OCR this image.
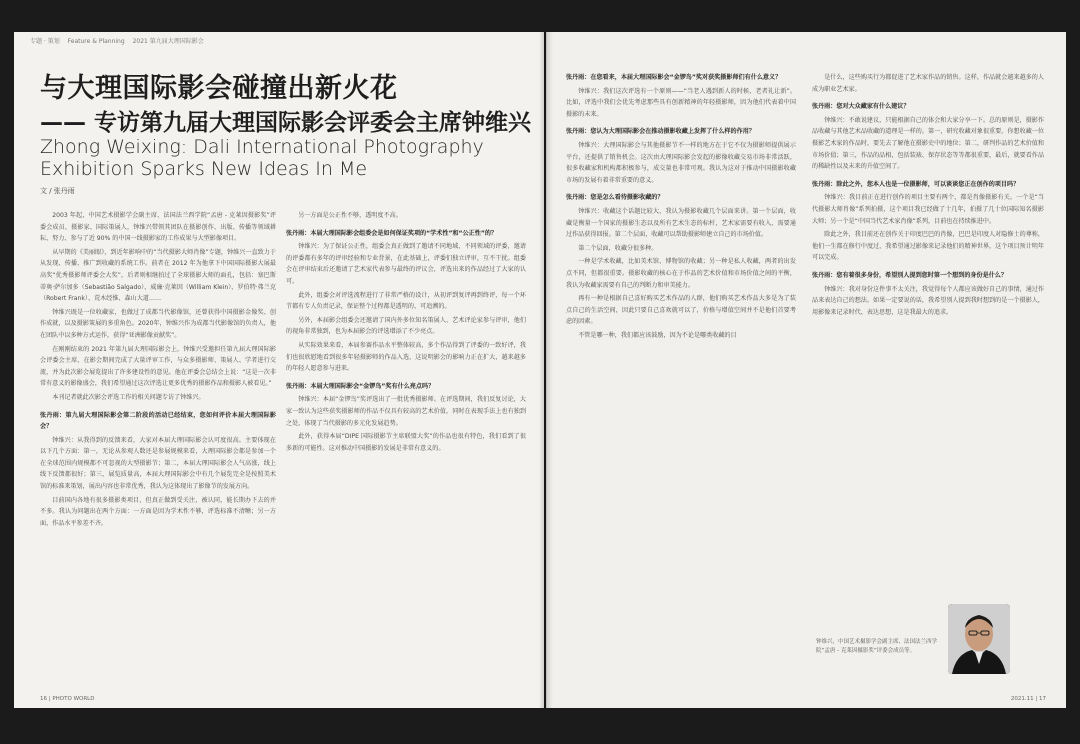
专题 · 策划 Feature & Planning 2021 第九届大理国际影会
与大理国际影会碰撞出新火花
—— 专访第九届大理国际影会评委会主席钟维兴
Zhong Weixing: Dali International Photography Exhibition Sparks New Ideas In Me
文 / 张丹雨

2003 年起，中国艺术摄影学会副主席、法国法兰西学院“孟唐 - 克莱因摄影奖”评委会成员、摄影家、国际策展人，钟维兴带领其团队在摄影创作、出版、传播等领域耕耘、努力、参与了近 90% 的中国一线摄影家的工作成果与大型影像项目。

从早期的《美丽眼》，到近年影响中的“当代摄影大师肖像”专题，钟维兴一直致力于从发现、传播、推广到收藏的系统工作。前者在 2012 年为他拿下中国国际摄影大展最高奖“优秀摄影师评委会大奖”，后者则相继拍过了全球摄影大师的面孔，包括：塞巴斯蒂奥·萨尔加多（Sebastião Salgado）、威廉·克莱因（William Klein）、罗伯特·弗兰克（Robert Frank）、荒木经惟、森山大道……

钟维兴既是一位收藏家，也做过了成都当代影像馆，还曾获得中国摄影金像奖、创作成就，以及摄影策展的多重角色。2020年，钟维兴作为成都当代影像馆的负责人，他在团队中以多种方式运作，获得“亚洲影像贡献奖”。

在刚刚结束的 2021 年第九届大理国际影会上，钟维兴受邀担任第九届大理国际影会评委会主席，在影会期间完成了大量评审工作，与众多摄影师、策展人、学者进行交流，并为此次影会展览提出了许多建设性的意见。他在评委会总结会上说：“这是一次非常有意义的影像盛会，我们希望通过这次评选让更多优秀的摄影作品和摄影人被看见。”

本刊记者就此次影会评选工作的相关问题专访了钟维兴。

张丹雨：第九届大理国际影会第二阶段的活动已经结束，您如何评价本届大理国际影会？

钟维兴：从我得到的反馈来看，大家对本届大理国际影会认可度很高。主要体现在以下几个方面：第一，无论从参观人数还是参展规模来看，大理国际影会都是参加一个在全球范围内规模都不可忽视的大型摄影节；第二，本届大理国际影会人气高涨，线上线下反馈都很好；第三，展览质量高，本届大理国际影会中有几个展览完全是按照美术馆的标准来策划，展出内容也非常优秀，我认为这体现出了影像节的发展方向。

目前国内各地有很多摄影类项目，但真正做到受关注，被认同，能长期办下去的并不多。我认为问题出在两个方面：一方面是因为学术性不够，评选标准不清晰；另一方面，作品水平参差不齐。

另一方面是公正性不够，透明度不高。

张丹雨：本届大理国际影会组委会是如何保证奖项的“学术性”和“公正性”的？

钟维兴：为了保证公正性，组委会真正做到了邀请不同地域、不同领域的评委，邀请的评委都有多年的评审经验和专业背景，在此基础上，评委们独立评审，互不干扰。组委会在评审结束后还邀请了艺术家代表参与最终的评议会，评选出来的作品经过了大家的认可。

此外，组委会对评选流程进行了非常严格的设计，从初评到复评再到终评，每一个环节都有专人负责记录，保证整个过程都是透明的、可追溯的。

另外，本届影会组委会还邀请了国内外多位知名策展人、艺术评论家参与评审，他们的视角非常独到，也为本届影会的评选增添了不少亮点。

从实际效果来看，本届参赛作品水平整体较高，多个作品得到了评委的一致好评，我们也很欣慰地看到很多年轻摄影师的作品入选，这说明影会的影响力正在扩大，越来越多的年轻人愿意参与进来。

张丹雨：本届大理国际影会“金锣鸟”奖有什么亮点吗？

钟维兴：本届“金锣鸟”奖评选出了一批优秀摄影师。在评选期间，我们反复讨论，大家一致认为这些获奖摄影师的作品不仅具有较高的艺术价值，同时在表现手法上也有独到之处，体现了当代摄影的多元化发展趋势。

此外，获得本届“DIPE 国际摄影节主席联盟大奖”的作品也很有特色，我们看到了很多新的可能性。这对推动中国摄影的发展是非常有意义的。

16 | PHOTO WORLD

张丹雨：在您看来，本届大理国际影会“金锣鸟”奖对获奖摄影师们有什么意义？

钟维兴：我们这次评选有一个原则——“当老人遇到新人的时候，老者礼让新”。比如，评选中我们会优先考虑那些具有创新精神的年轻摄影师，因为他们代表着中国摄影的未来。

张丹雨：您认为大理国际影会在推动摄影收藏上发挥了什么样的作用？

钟维兴：大理国际影会与其他摄影节不一样的地方在于它不仅为摄影师提供展示平台，还提供了销售机会。这次由大理国际影会发起的影像收藏交易市场非常活跃，很多收藏家和机构都积极参与，成交量也非常可观。我认为这对于推动中国摄影收藏市场的发展有着非常重要的意义。

张丹雨：您是怎么看待摄影收藏的？

钟维兴：收藏这个话题比较大，我认为摄影收藏几个层面来讲。第一个层面，收藏是衡量一个国家的摄影生态以及所有艺术生态的标杆，艺术家需要有收入，需要通过作品获得回报。第二个层面，收藏可以帮助摄影师建立自己的市场价值。

第二个层面，收藏分很多种。

一种是学术收藏，比如美术馆、博物馆的收藏；另一种是私人收藏，两者的出发点不同，但都很重要。摄影收藏的核心在于作品的艺术价值和市场价值之间的平衡，我认为收藏家需要有自己的判断力和审美能力。

再有一种是根据自己喜好购买艺术作品的人群，他们购买艺术作品大多是为了装点自己的生活空间，因此只要自己喜欢就可以了，价格与增值空间并不是他们首要考虑的因素。

不管是哪一种，我们都应该鼓励，因为不论是哪类收藏的目

是什么，这些购买行为都促进了艺术家作品的销售。这样，作品就会越来越多的人成为职业艺术家。

张丹雨：您对大众藏家有什么建议？

钟维兴：不敢说建议，只能根据自己的体会和大家分享一下。总的原则是，摄影作品收藏与其他艺术品收藏的道理是一样的。第一，研究收藏对象很重要。你想收藏一位摄影艺术家的作品时，要先去了解他在摄影史中的地位；第二，研判作品的艺术价值和市场价值；第三，作品的品相，包括装裱、保存状态等等都很重要，最后，就要看作品的稀缺性以及未来的升值空间了。

张丹雨：除此之外，您本人也是一位摄影师，可以谈谈您正在创作的项目吗？

钟维兴：我目前正在进行创作的项目主要有两个，都是肖像摄影有关。一个是“当代摄影大师肖像”系列拍摄，这个项目我已经做了十几年，拍摄了几十位国际知名摄影大师；另一个是“中国当代艺术家肖像”系列，目前也在持续推进中。

除此之外，我目前还在创作关于印度巴巴的肖像，巴巴是印度人对隐修士的尊称，他们一生都在修行中度过，我希望通过影像来记录他们的精神世界，这个项目预计明年可以完成。

张丹雨：您有着很多身份，希望别人提到您时第一个想到的身份是什么？

钟维兴：我对身份这件事不太关注，我觉得每个人都应该做好自己的事情，通过作品来表达自己的想法。如果一定要说的话，我希望别人提到我时想到的是一个摄影人，用影像来记录时代、表达思想，这是我最大的追求。

钟维兴，中国艺术摄影学会副主席、法国法兰西学院“孟唐 - 克莱因摄影奖”评委会成员等。
2021.11 | 17
